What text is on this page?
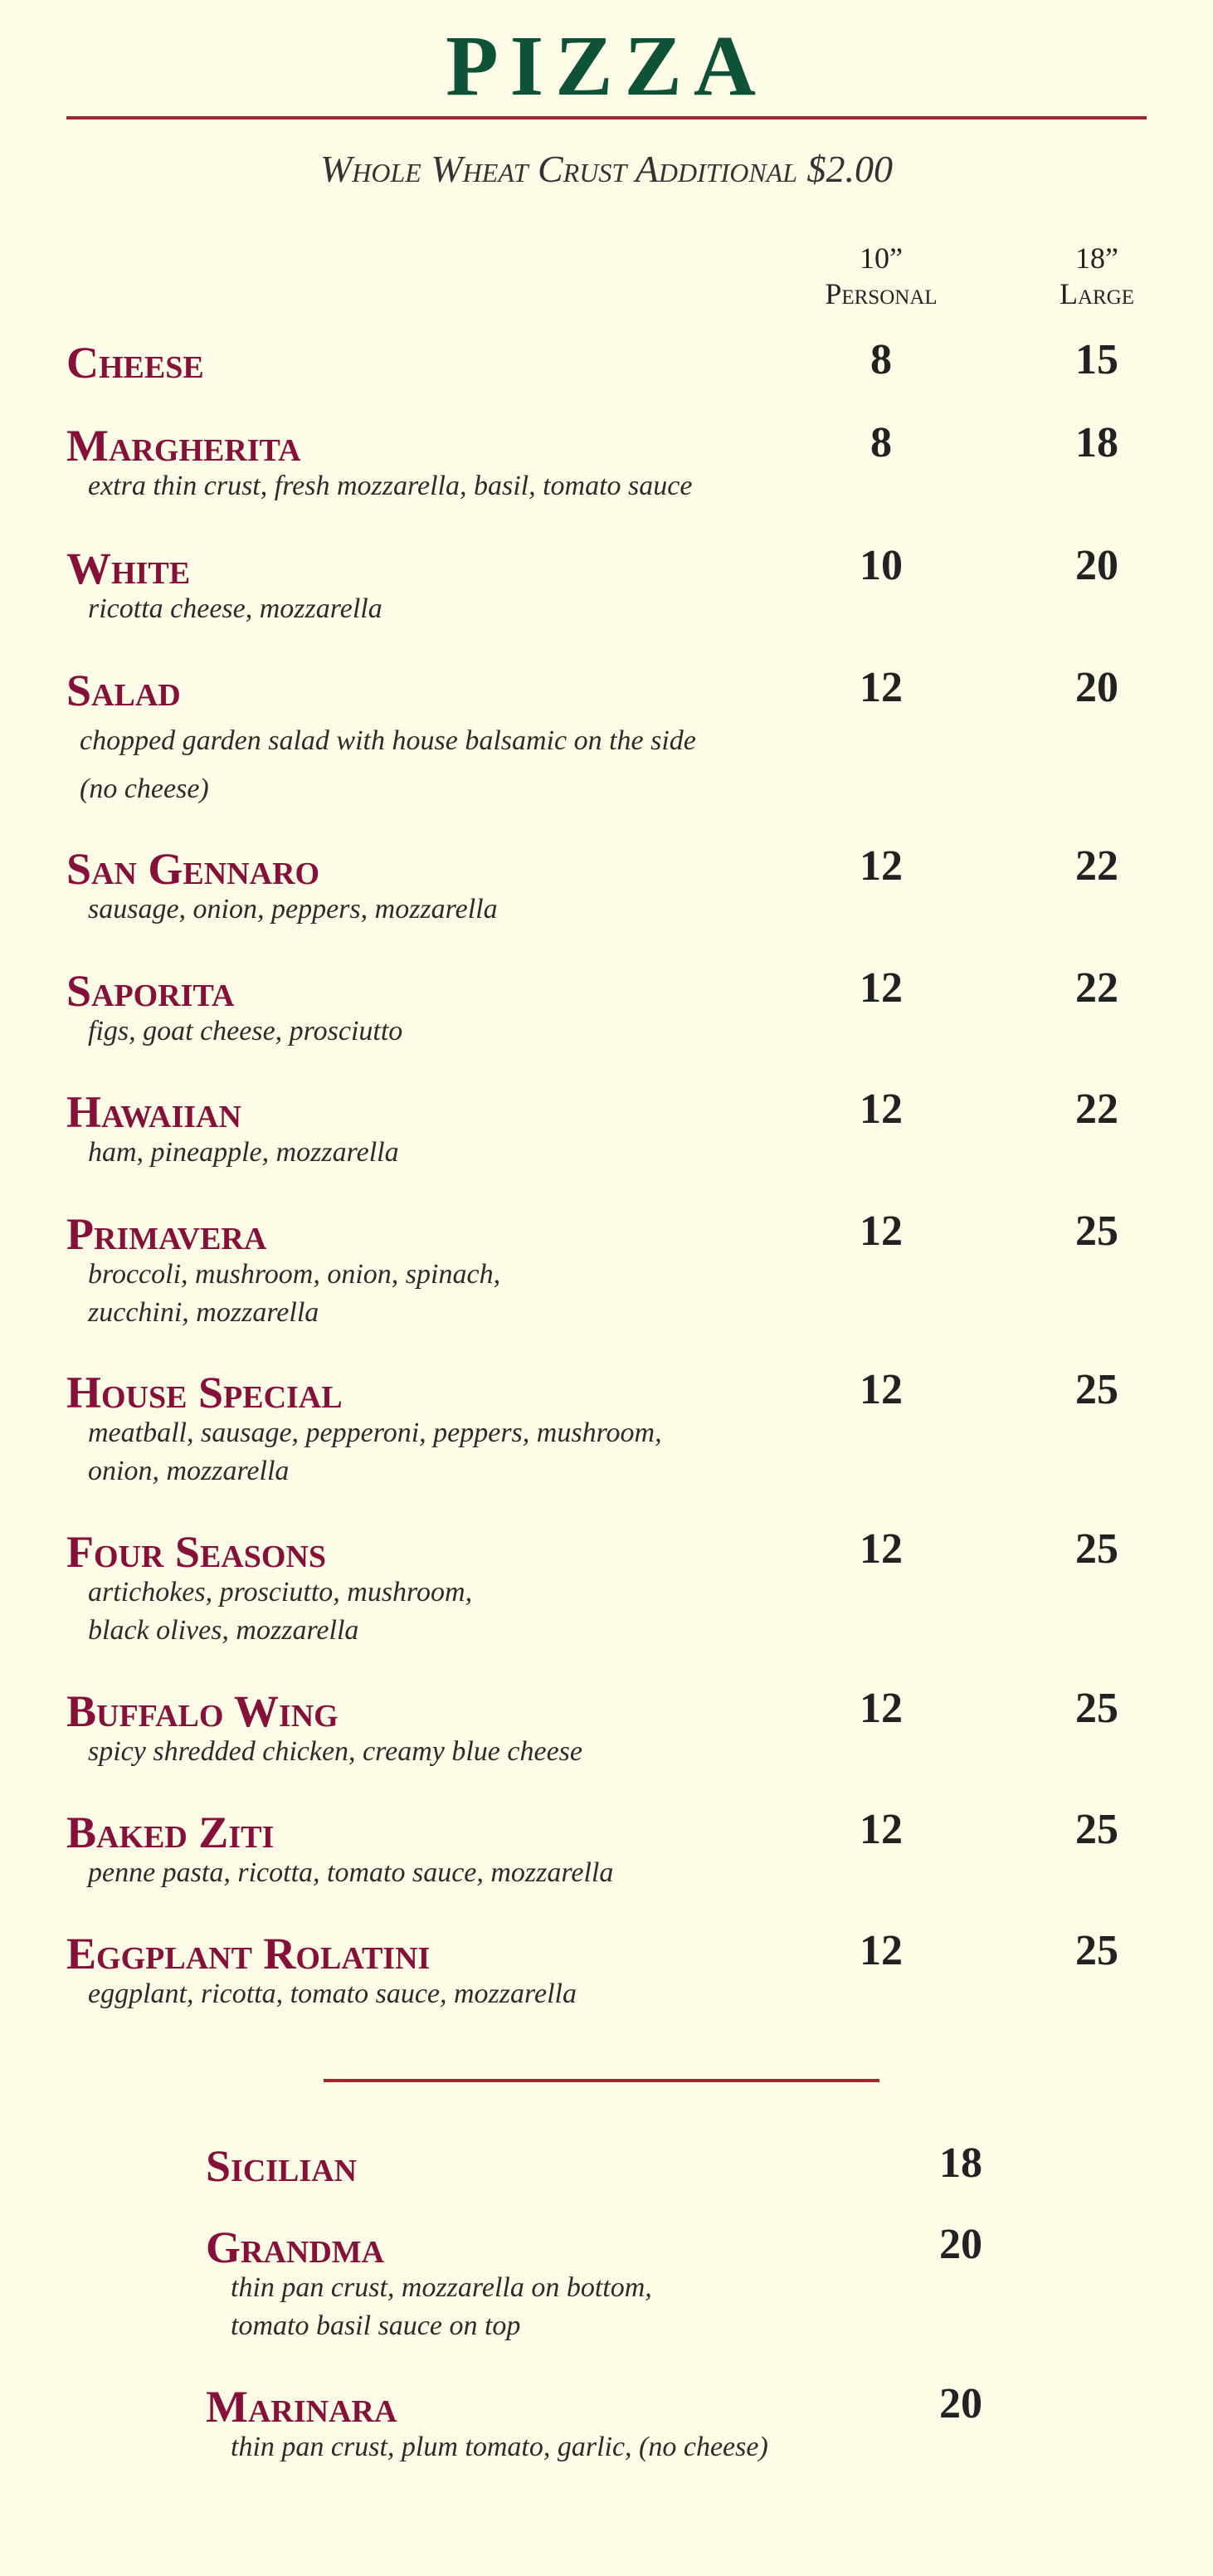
PIZZA
Whole Wheat Crust Additional $2.00
10”
Personal
18”
Large
Cheese	8	15
Margherita
extra thin crust, fresh mozzarella, basil, tomato sauce
8	18
White
ricotta cheese, mozzarella
10	20
Salad
chopped garden salad with house balsamic on the side
(no cheese)
12	20
San Gennaro
sausage, onion, peppers, mozzarella
12	22
Saporita
figs, goat cheese, prosciutto
12	22
Hawaiian
ham, pineapple, mozzarella
12	22
Primavera
broccoli, mushroom, onion, spinach,
zucchini, mozzarella
12	25
House Special
meatball, sausage, pepperoni, peppers, mushroom,
onion, mozzarella
12	25
Four Seasons
artichokes, prosciutto, mushroom,
black olives, mozzarella
12	25
Buffalo Wing
spicy shredded chicken, creamy blue cheese
12	25
Baked Ziti
penne pasta, ricotta, tomato sauce, mozzarella
12	25
Eggplant Rolatini
eggplant, ricotta, tomato sauce, mozzarella
12	25
Sicilian	18
Grandma
thin pan crust, mozzarella on bottom,
tomato basil sauce on top
20
Marinara
thin pan crust, plum tomato, garlic, (no cheese)
20
